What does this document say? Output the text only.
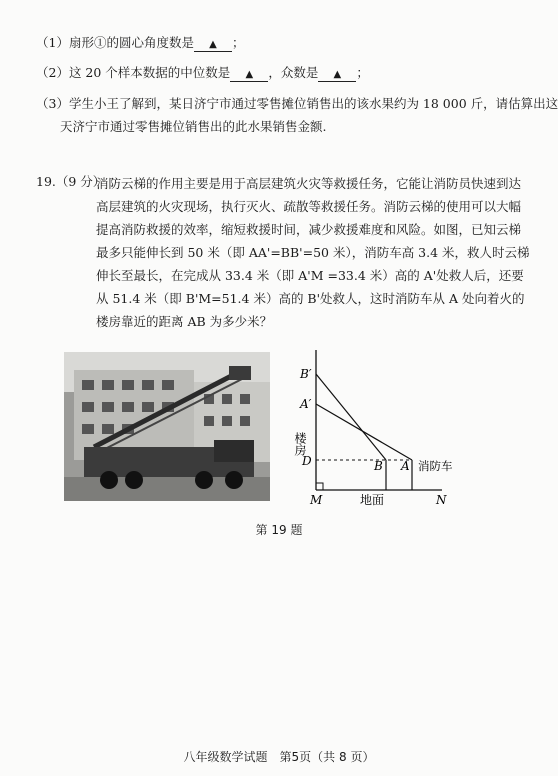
（1）扇形①的圆心角度数是 ▲ ；
（2）这 20 个样本数据的中位数是 ▲ ，众数是 ▲ ；
（3）学生小王了解到，某日济宁市通过零售摊位销售出的该水果约为 18 000 斤，请估算出这
天济宁市通过零售摊位销售出的此水果销售金额.
19.（9 分）
消防云梯的作用主要是用于高层建筑火灾等救援任务，它能让消防员快速到达高层建筑的火灾现场，执行灭火、疏散等救援任务。消防云梯的使用可以大幅提高消防救援的效率，缩短救援时间，减少救援难度和风险。如图，已知云梯最多只能伸长到 50 米（即 AA'=BB'=50 米），消防车高 3.4 米，救人时云梯伸长至最长，在完成从 33.4 米（即 A'M =33.4 米）高的 A'处救人后，还要从 51.4 米（即 B'M=51.4 米）高的 B'处救人，这时消防车从 A 处向着火的楼房靠近的距离 AB 为多少米？
B′
A′
楼房
D	B A 消防车
M	地面	N
第 19 题
八年级数学试题　第5页（共 8 页）
